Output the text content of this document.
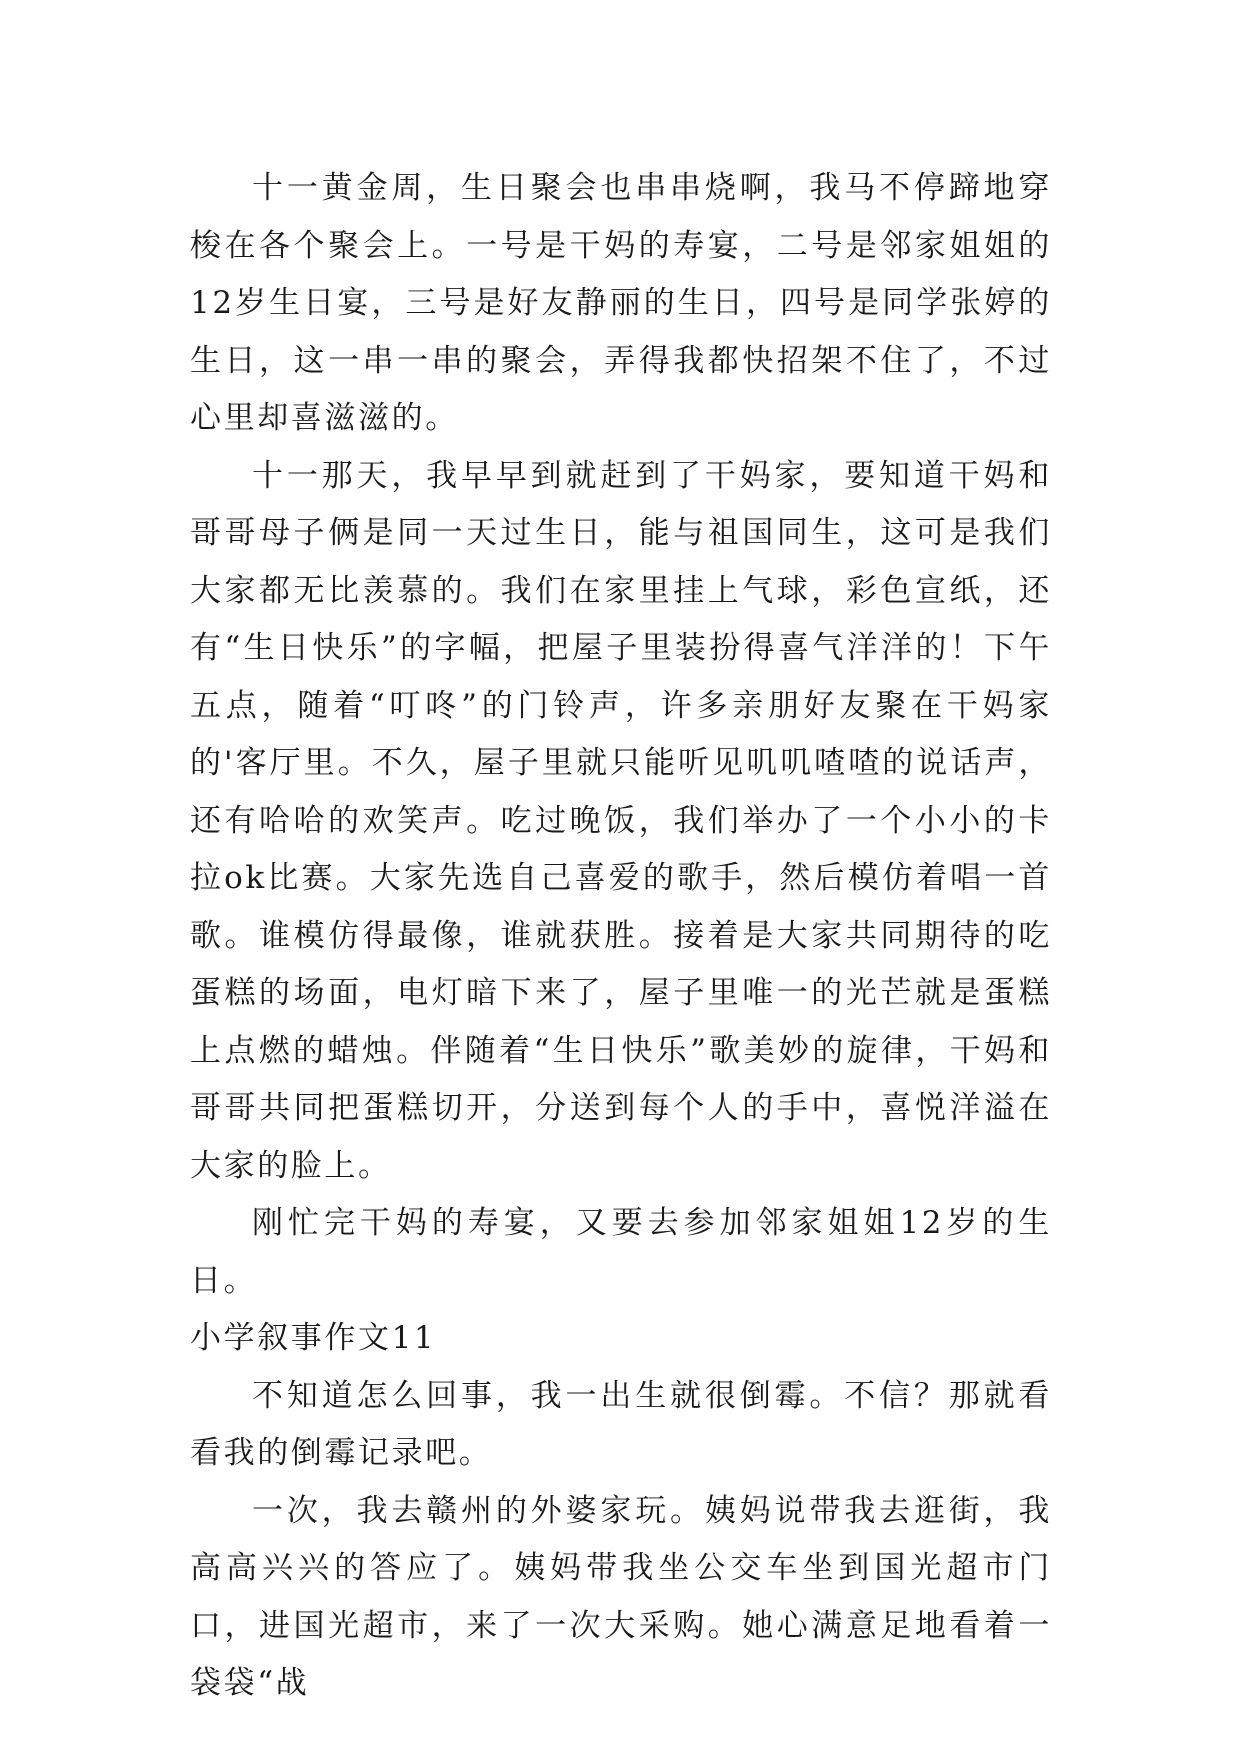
十一黄金周，生日聚会也串串烧啊，我马不停蹄地穿梭在各个聚会上。一号是干妈的寿宴，二号是邻家姐姐的12岁生日宴，三号是好友静丽的生日，四号是同学张婷的生日，这一串一串的聚会，弄得我都快招架不住了，不过心里却喜滋滋的。

十一那天，我早早到就赶到了干妈家，要知道干妈和哥哥母子俩是同一天过生日，能与祖国同生，这可是我们大家都无比羡慕的。我们在家里挂上气球，彩色宣纸，还有“生日快乐”的字幅，把屋子里装扮得喜气洋洋的！下午五点，随着“叮咚”的门铃声，许多亲朋好友聚在干妈家的'客厅里。不久，屋子里就只能听见叽叽喳喳的说话声，还有哈哈的欢笑声。吃过晚饭，我们举办了一个小小的卡拉ok比赛。大家先选自己喜爱的歌手，然后模仿着唱一首歌。谁模仿得最像，谁就获胜。接着是大家共同期待的吃蛋糕的场面，电灯暗下来了，屋子里唯一的光芒就是蛋糕上点燃的蜡烛。伴随着“生日快乐”歌美妙的旋律，干妈和哥哥共同把蛋糕切开，分送到每个人的手中，喜悦洋溢在大家的脸上。

刚忙完干妈的寿宴，又要去参加邻家姐姐12岁的生日。

小学叙事作文11

不知道怎么回事，我一出生就很倒霉。不信？那就看看我的倒霉记录吧。

一次，我去赣州的外婆家玩。姨妈说带我去逛街，我高高兴兴的答应了。姨妈带我坐公交车坐到国光超市门口，进国光超市，来了一次大采购。她心满意足地看着一袋袋“战
